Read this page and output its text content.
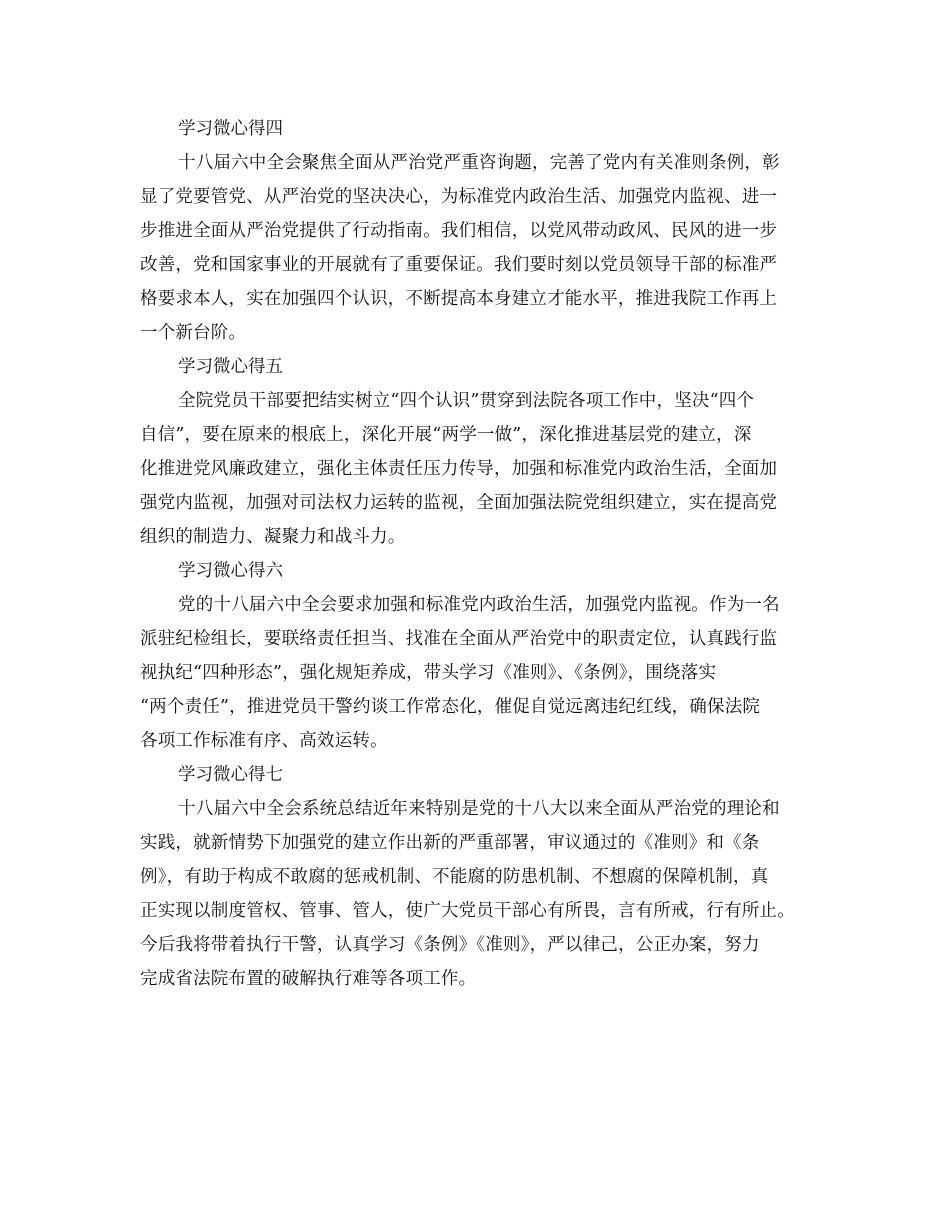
学习微心得四

十八届六中全会聚焦全面从严治党严重咨询题，完善了党内有关准则条例，彰
显了党要管党、从严治党的坚决决心，为标准党内政治生活、加强党内监视、进一
步推进全面从严治党提供了行动指南。我们相信，以党风带动政风、民风的进一步
改善，党和国家事业的开展就有了重要保证。我们要时刻以党员领导干部的标准严
格要求本人，实在加强四个认识，不断提高本身建立才能水平，推进我院工作再上
一个新台阶。

学习微心得五

全院党员干部要把结实树立“四个认识”贯穿到法院各项工作中，坚决“四个
自信”，要在原来的根底上，深化开展“两学一做”，深化推进基层党的建立，深
化推进党风廉政建立，强化主体责任压力传导，加强和标准党内政治生活，全面加
强党内监视，加强对司法权力运转的监视，全面加强法院党组织建立，实在提高党
组织的制造力、凝聚力和战斗力。

学习微心得六

党的十八届六中全会要求加强和标准党内政治生活，加强党内监视。作为一名
派驻纪检组长，要联络责任担当、找准在全面从严治党中的职责定位，认真践行监
视执纪“四种形态”，强化规矩养成，带头学习《准则》、《条例》，围绕落实
“两个责任”，推进党员干警约谈工作常态化，催促自觉远离违纪红线，确保法院
各项工作标准有序、高效运转。

学习微心得七

十八届六中全会系统总结近年来特别是党的十八大以来全面从严治党的理论和
实践，就新情势下加强党的建立作出新的严重部署，审议通过的《准则》和《条
例》，有助于构成不敢腐的惩戒机制、不能腐的防患机制、不想腐的保障机制，真
正实现以制度管权、管事、管人，使广大党员干部心有所畏，言有所戒，行有所止。
今后我将带着执行干警，认真学习《条例》《准则》，严以律己，公正办案，努力
完成省法院布置的破解执行难等各项工作。
